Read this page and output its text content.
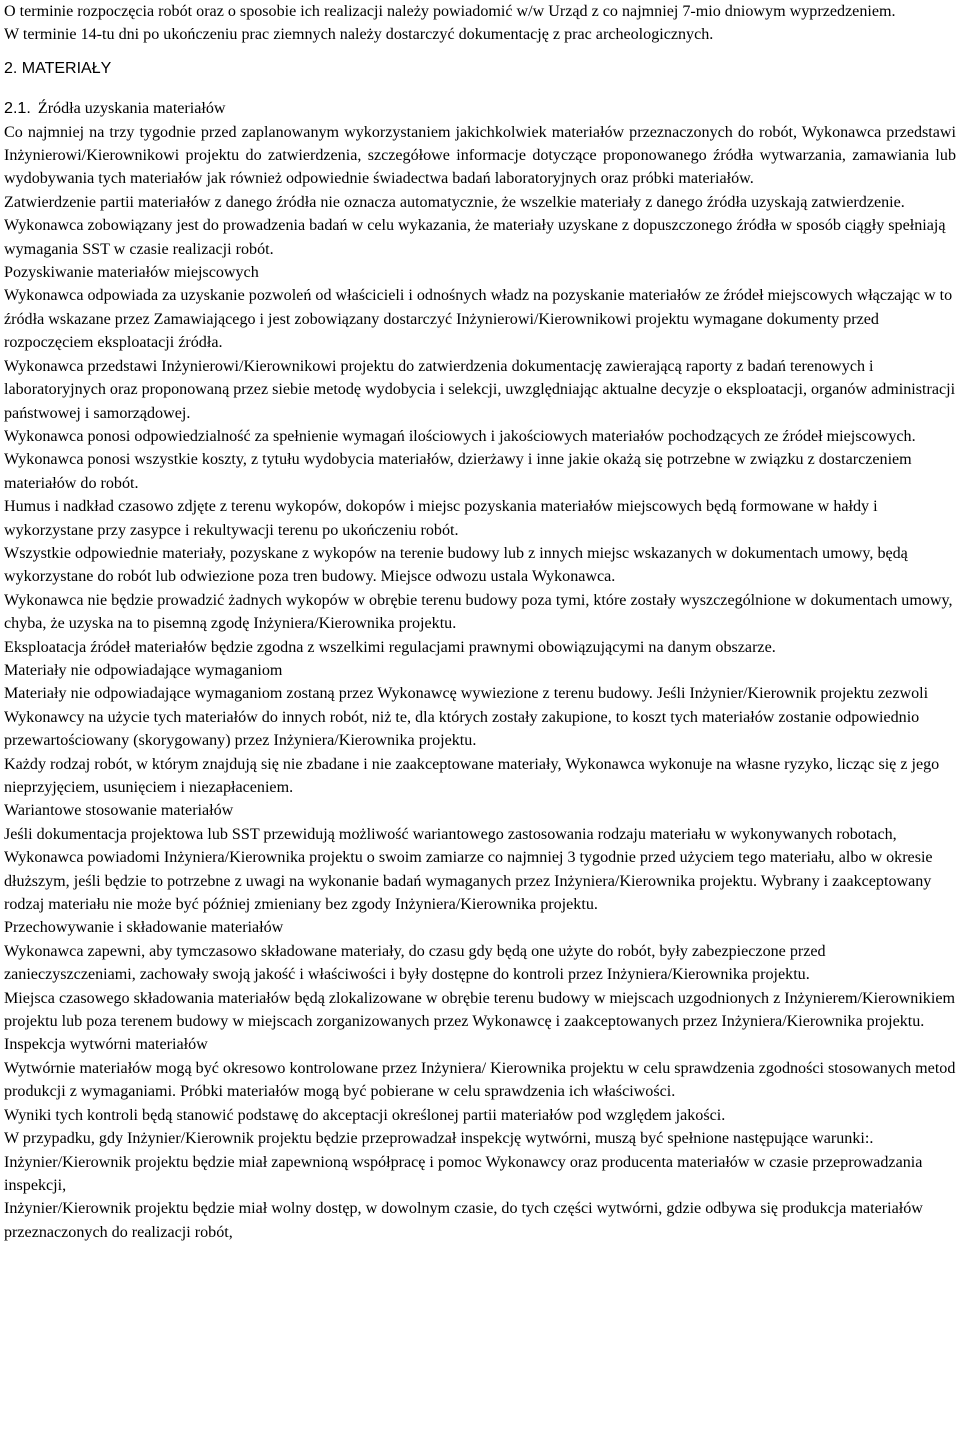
O terminie rozpoczęcia robót oraz o sposobie ich realizacji należy powiadomić w/w Urząd z co najmniej 7-mio dniowym wyprzedzeniem.

W terminie 14-tu dni po ukończeniu prac ziemnych należy dostarczyć dokumentację z prac archeologicznych.

2. MATERIAŁY

2.1. Źródła uzyskania materiałów

Co najmniej na trzy tygodnie przed zaplanowanym wykorzystaniem jakichkolwiek materiałów przeznaczonych do robót, Wykonawca przedstawi Inżynierowi/Kierownikowi projektu do zatwierdzenia, szczegółowe informacje dotyczące proponowanego źródła wytwarzania, zamawiania lub wydobywania tych materiałów jak również odpowiednie świadectwa badań laboratoryjnych oraz próbki materiałów.

Zatwierdzenie partii materiałów z danego źródła nie oznacza automatycznie, że wszelkie materiały z danego źródła uzyskają zatwierdzenie.

Wykonawca zobowiązany jest do prowadzenia badań w celu wykazania, że materiały uzyskane z dopuszczonego źródła w sposób ciągły spełniają wymagania SST w czasie realizacji robót.

Pozyskiwanie materiałów miejscowych

Wykonawca odpowiada za uzyskanie pozwoleń od właścicieli i odnośnych władz na pozyskanie materiałów ze źródeł miejscowych włączając w to źródła wskazane przez Zamawiającego i jest zobowiązany dostarczyć Inżynierowi/Kierownikowi projektu wymagane dokumenty przed rozpoczęciem eksploatacji źródła.

Wykonawca przedstawi Inżynierowi/Kierownikowi projektu do zatwierdzenia dokumentację zawierającą raporty z badań terenowych i laboratoryjnych oraz proponowaną przez siebie metodę wydobycia i selekcji, uwzględniając aktualne decyzje o eksploatacji, organów administracji państwowej i samorządowej.

Wykonawca ponosi odpowiedzialność za spełnienie wymagań ilościowych i jakościowych materiałów pochodzących ze źródeł miejscowych.

Wykonawca ponosi wszystkie koszty, z tytułu wydobycia materiałów, dzierżawy i inne jakie okażą się potrzebne w związku z dostarczeniem materiałów do robót.

Humus i nadkład czasowo zdjęte z terenu wykopów, dokopów i miejsc pozyskania materiałów miejscowych będą formowane w hałdy i wykorzystane przy zasypce i rekultywacji terenu po ukończeniu robót.

Wszystkie odpowiednie materiały, pozyskane z wykopów na terenie budowy lub z innych miejsc wskazanych w dokumentach umowy, będą wykorzystane do robót lub odwiezione poza tren budowy. Miejsce odwozu ustala Wykonawca.

Wykonawca nie będzie prowadzić żadnych wykopów w obrębie terenu budowy poza tymi, które zostały wyszczególnione w dokumentach umowy, chyba, że uzyska na to pisemną zgodę Inżyniera/Kierownika projektu.

Eksploatacja źródeł materiałów będzie zgodna z wszelkimi regulacjami prawnymi obowiązującymi na danym obszarze.

Materiały nie odpowiadające wymaganiom

Materiały nie odpowiadające wymaganiom zostaną przez Wykonawcę wywiezione z terenu budowy. Jeśli Inżynier/Kierownik projektu zezwoli Wykonawcy na użycie tych materiałów do innych robót, niż te, dla których zostały zakupione, to koszt tych materiałów zostanie odpowiednio przewartościowany (skorygowany) przez Inżyniera/Kierownika projektu.

Każdy rodzaj robót, w którym znajdują się nie zbadane i nie zaakceptowane materiały, Wykonawca wykonuje na własne ryzyko, licząc się z jego nieprzyjęciem, usunięciem i niezapłaceniem.

Wariantowe stosowanie materiałów

Jeśli dokumentacja projektowa lub SST przewidują możliwość wariantowego zastosowania rodzaju materiału w wykonywanych robotach, Wykonawca powiadomi Inżyniera/Kierownika projektu o swoim zamiarze co najmniej 3 tygodnie przed użyciem tego materiału, albo w okresie dłuższym, jeśli będzie to potrzebne z uwagi na wykonanie badań wymaganych przez Inżyniera/Kierownika projektu. Wybrany i zaakceptowany rodzaj materiału nie może być później zmieniany bez zgody Inżyniera/Kierownika projektu.

Przechowywanie i składowanie materiałów

Wykonawca zapewni, aby tymczasowo składowane materiały, do czasu gdy będą one użyte do robót, były zabezpieczone przed zanieczyszczeniami, zachowały swoją jakość i właściwości i były dostępne do kontroli przez Inżyniera/Kierownika projektu.

Miejsca czasowego składowania materiałów będą zlokalizowane w obrębie terenu budowy w miejscach uzgodnionych z Inżynierem/Kierownikiem projektu lub poza terenem budowy w miejscach zorganizowanych przez Wykonawcę i zaakceptowanych przez Inżyniera/Kierownika projektu.

Inspekcja wytwórni materiałów

Wytwórnie materiałów mogą być okresowo kontrolowane przez Inżyniera/ Kierownika projektu w celu sprawdzenia zgodności stosowanych metod produkcji z wymaganiami. Próbki materiałów mogą być pobierane w celu sprawdzenia ich właściwości.

Wyniki tych kontroli będą stanowić podstawę do akceptacji określonej partii materiałów pod względem jakości.

W przypadku, gdy Inżynier/Kierownik projektu będzie przeprowadzał inspekcję wytwórni, muszą być spełnione następujące warunki:.

Inżynier/Kierownik projektu będzie miał zapewnioną współpracę i pomoc Wykonawcy oraz producenta materiałów w czasie przeprowadzania inspekcji,

Inżynier/Kierownik projektu będzie miał wolny dostęp, w dowolnym czasie, do tych części wytwórni, gdzie odbywa się produkcja materiałów przeznaczonych do realizacji robót,
